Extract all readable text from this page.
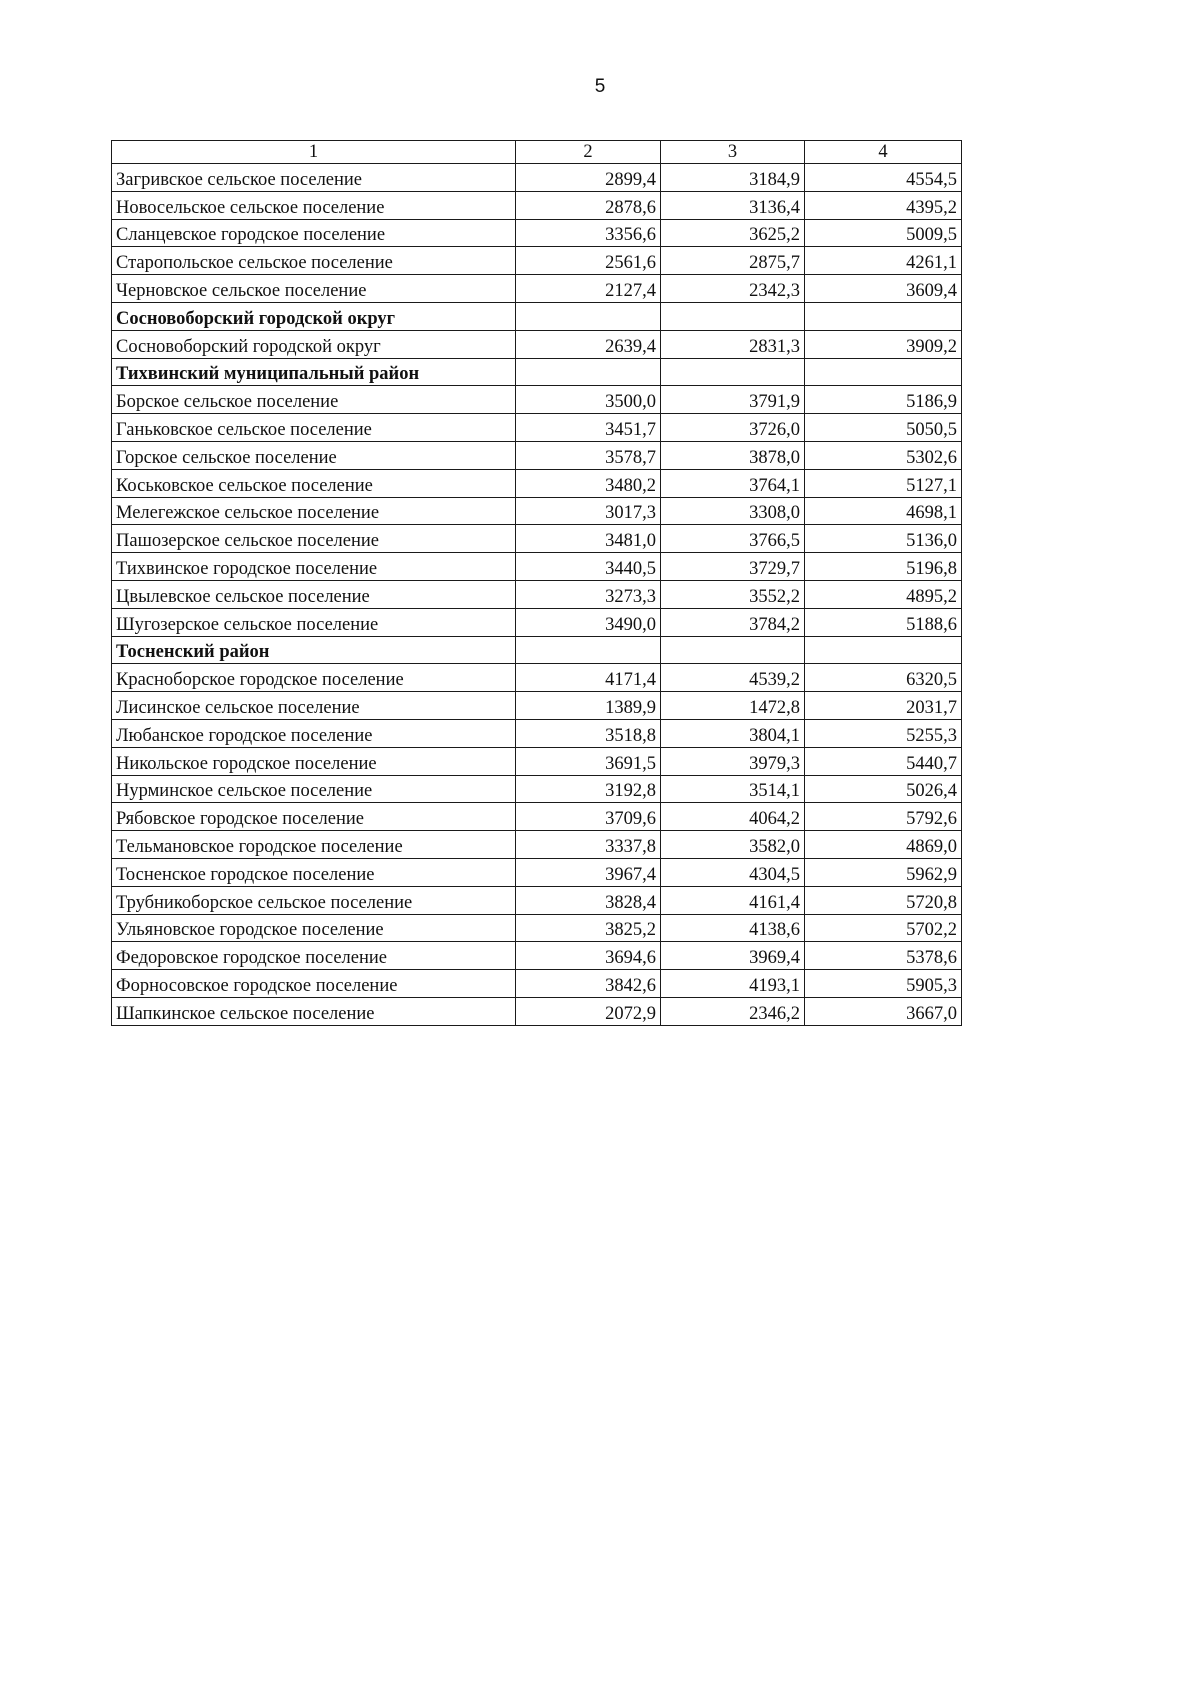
5
1	2	3	4
Загривское сельское поселение	2899,4	3184,9	4554,5
Новосельское сельское поселение	2878,6	3136,4	4395,2
Сланцевское городское поселение	3356,6	3625,2	5009,5
Старопольское сельское поселение	2561,6	2875,7	4261,1
Черновское сельское поселение	2127,4	2342,3	3609,4
Сосновоборский городской округ			
Сосновоборский городской округ	2639,4	2831,3	3909,2
Тихвинский муниципальный район			
Борское сельское поселение	3500,0	3791,9	5186,9
Ганьковское сельское поселение	3451,7	3726,0	5050,5
Горское сельское поселение	3578,7	3878,0	5302,6
Коськовское сельское поселение	3480,2	3764,1	5127,1
Мелегежское сельское поселение	3017,3	3308,0	4698,1
Пашозерское сельское поселение	3481,0	3766,5	5136,0
Тихвинское городское поселение	3440,5	3729,7	5196,8
Цвылевское сельское поселение	3273,3	3552,2	4895,2
Шугозерское сельское поселение	3490,0	3784,2	5188,6
Тосненский район			
Красноборское городское поселение	4171,4	4539,2	6320,5
Лисинское сельское поселение	1389,9	1472,8	2031,7
Любанское городское поселение	3518,8	3804,1	5255,3
Никольское городское поселение	3691,5	3979,3	5440,7
Нурминское сельское поселение	3192,8	3514,1	5026,4
Рябовское городское поселение	3709,6	4064,2	5792,6
Тельмановское городское поселение	3337,8	3582,0	4869,0
Тосненское городское поселение	3967,4	4304,5	5962,9
Трубникоборское сельское поселение	3828,4	4161,4	5720,8
Ульяновское городское поселение	3825,2	4138,6	5702,2
Федоровское городское поселение	3694,6	3969,4	5378,6
Форносовское городское поселение	3842,6	4193,1	5905,3
Шапкинское сельское поселение	2072,9	2346,2	3667,0
